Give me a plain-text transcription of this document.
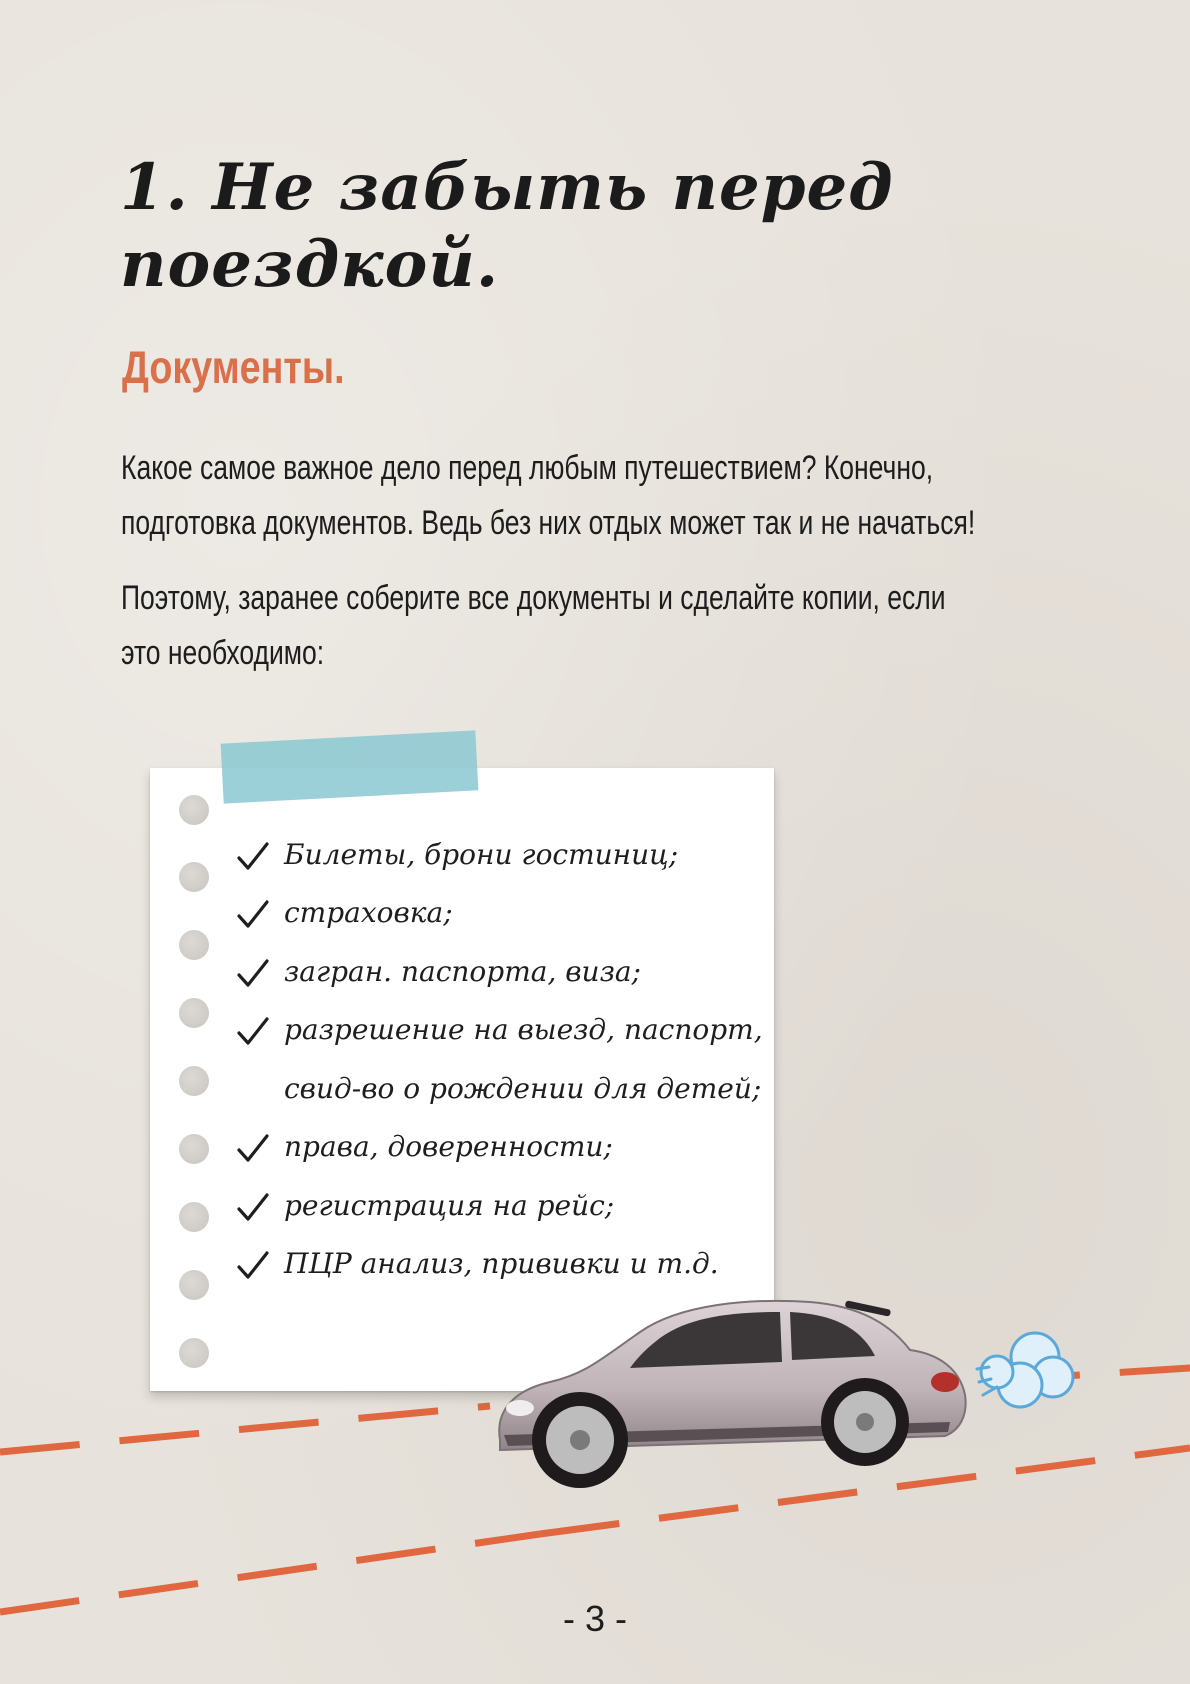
1. Не забыть перед поездкой.
Документы.

Какое самое важное дело перед любым путешествием? Конечно,
подготовка документов. Ведь без них отдых может так и не начаться!

Поэтому, заранее соберите все документы и сделайте копии, если
это необходимо:

Билеты, брони гостиниц;
страховка;
загран. паспорта, виза;
разрешение на выезд, паспорт,
свид-во о рождении для детей;
права, доверенности;
регистрация на рейс;
ПЦР анализ, прививки и т.д.

- 3 -
